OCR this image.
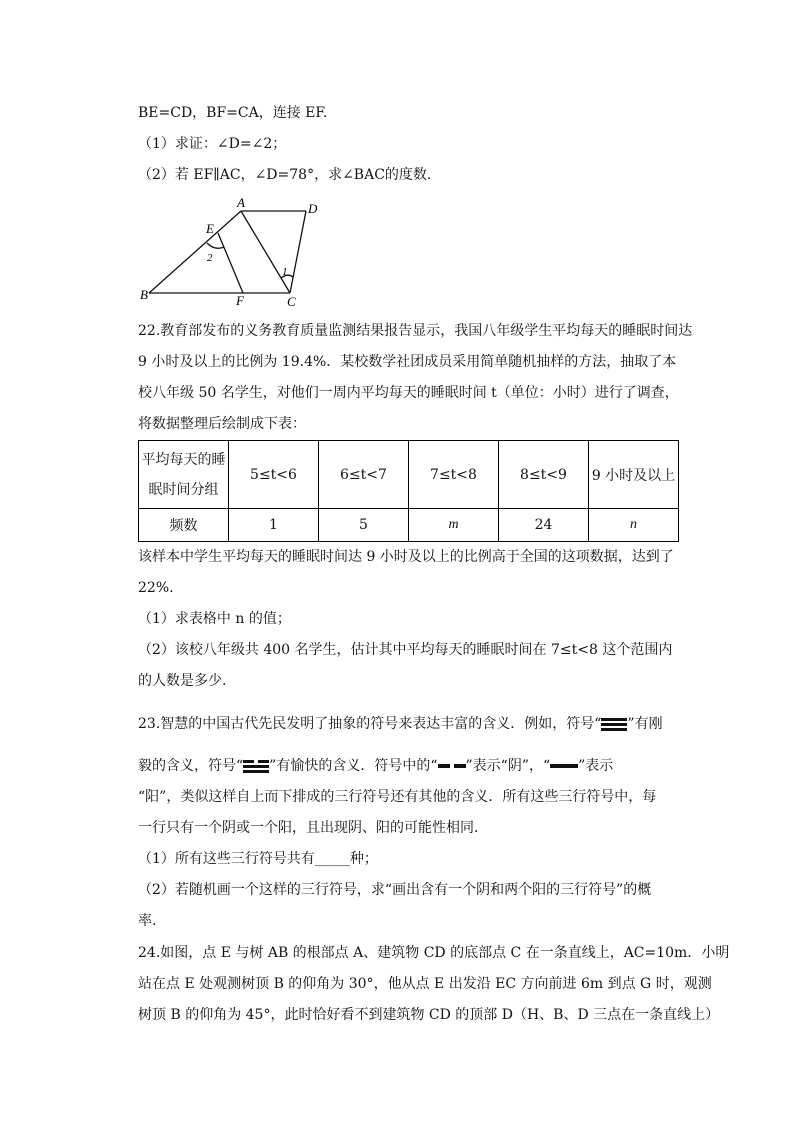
BE=CD，BF=CA，连接 EF.
（1）求证：∠D=∠2；
（2）若 EF∥AC，∠D=78°，求∠BAC的度数.
A	D
E
B	F	C
1
2
22.教育部发布的义务教育质量监测结果报告显示，我国八年级学生平均每天的睡眠时间达
9 小时及以上的比例为 19.4%．某校数学社团成员采用简单随机抽样的方法，抽取了本
校八年级 50 名学生，对他们一周内平均每天的睡眠时间 t（单位：小时）进行了调查，
将数据整理后绘制成下表：
平均每天的睡
眠时间分组	5≤t<6	6≤t<7	7≤t<8	8≤t<9	9 小时及以上
频数	1	5	m	24	n
该样本中学生平均每天的睡眠时间达 9 小时及以上的比例高于全国的这项数据，达到了
22%.
（1）求表格中 n 的值；
（2）该校八年级共 400 名学生，估计其中平均每天的睡眠时间在 7≤t<8 这个范围内
的人数是多少.
23.智慧的中国古代先民发明了抽象的符号来表达丰富的含义．例如，符号“ ”有刚
毅的含义，符号“ ”有愉快的含义．符号中的“ ”表示“阴”，“ ”表示
“阳”，类似这样自上而下排成的三行符号还有其他的含义．所有这些三行符号中，每
一行只有一个阴或一个阳，且出现阴、阳的可能性相同．
（1）所有这些三行符号共有_____种；
（2）若随机画一个这样的三行符号，求“画出含有一个阴和两个阳的三行符号”的概
率.
24.如图，点 E 与树 AB 的根部点 A、建筑物 CD 的底部点 C 在一条直线上，AC=10m．小明
站在点 E 处观测树顶 B 的仰角为 30°，他从点 E 出发沿 EC 方向前进 6m 到点 G 时，观测
树顶 B 的仰角为 45°，此时恰好看不到建筑物 CD 的顶部 D（H、B、D 三点在一条直线上）
